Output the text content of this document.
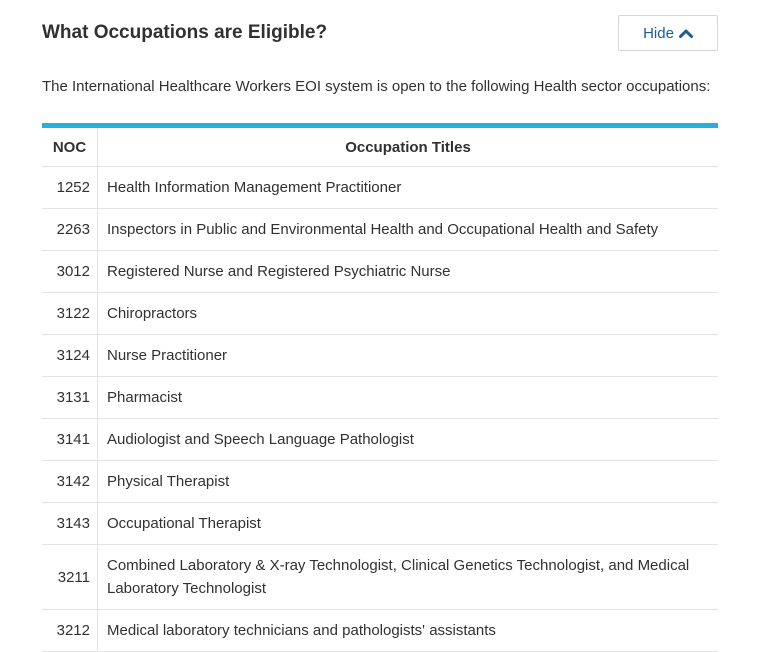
What Occupations are Eligible?	Hide

The International Healthcare Workers EOI system is open to the following Health sector occupations:

NOC	Occupation Titles
1252	Health Information Management Practitioner
2263	Inspectors in Public and Environmental Health and Occupational Health and Safety
3012	Registered Nurse and Registered Psychiatric Nurse
3122	Chiropractors
3124	Nurse Practitioner
3131	Pharmacist
3141	Audiologist and Speech Language Pathologist
3142	Physical Therapist
3143	Occupational Therapist
3211	Combined Laboratory & X-ray Technologist, Clinical Genetics Technologist, and Medical Laboratory Technologist
3212	Medical laboratory technicians and pathologists' assistants
